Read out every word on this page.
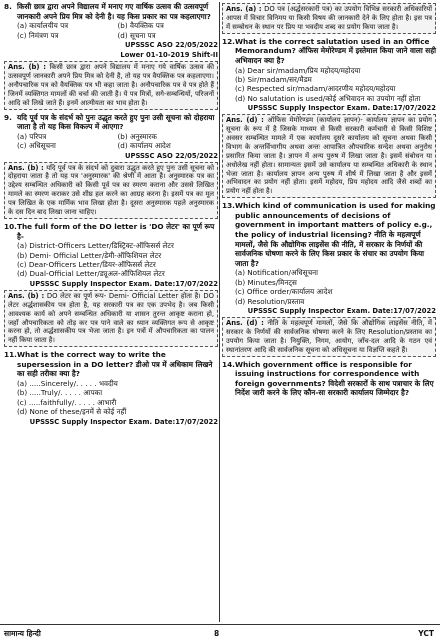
8. किसी छात्र द्वारा अपने विद्यालय में मनाए गए वार्षिक उत्सव की उत्सवपूर्ण जानकारी अपने प्रिय मित्र को देनी है। यह किस प्रकार का पत्र कहलाएगा?
(a) कार्यालयीय पत्र	(b) वैयक्तिक पत्र
(c) निमंत्रण पत्र	(d) सूचना पत्र
UPSSSC ASO 22/05/2022
Lower 01-10-2019 Shift-II
Ans. (b) : किसी छात्र द्वारा अपने विद्यालय में मनाए गये वार्षिक उत्सव की उत्सवपूर्ण जानकारी अपने प्रिय मित्र को देनी है, तो यह पत्र वैयक्तिक पत्र कहलाएगा। अनौपचारिक पत्र को वैयक्तिक पत्र भी कहा जाता है। अनौपचारिक पत्र वे पत्र होते हैं जिनमें व्यक्तिगत मामलों की चर्चा की जाती है। ये पत्र मित्रों, सगे-सम्बन्धियों, परिजनों आदि को लिखे जाते हैं। इनमें आत्मीयता का भाव होता है।
9. यदि पूर्व पत्र के संदर्भ को पुनः उद्धृत करते हुए पुनः उसी सूचना को दोहराया जाता है तो यह किस विकल्प में आएगा?
(a) परिपत्र	(b) अनुस्मारक
(c) अधिसूचना	(d) कार्यालय आदेश
UPSSSC ASO 22/05/2022
Ans. (b) : यदि पूर्व पत्र के संदर्भ को दुबारा उद्धृत करते हुए पुनः उसी सूचना को दोहराया जाता है तो यह पत्र 'अनुस्मारक' की श्रेणी में आता है। अनुस्मारक पत्र का उद्देश्य सम्बन्धित अधिकारी को किसी पूर्व पत्र का स्मरण कराना और उससे लिखित मामले का स्मरण कराकर उसे शीघ्र हल करने का आग्रह करना है। इसमें पत्र का मूल पत्र लिखित के एक मार्मिक भाव लिखा होता है। दूसरा अनुस्मारक पहले अनुस्मारक के दस दिन बाद लिखा जाना चाहिए।
10. The full form of the DO letter is 'DO लेटर' का पूर्ण रूप है-
(a) District-Officers Letter/डिस्ट्रिक्ट-ऑफिसर्स लेटर
(b) Demi- Official Letter/डेमी-ऑफिशियल लेटर
(c) Dear-Officers Letter/डियर-ऑफिसर्स लेटर
(d) Dual-Official Letter/ड्यूअल-ऑफिशियल लेटर
UPSSSC Supply Inspector Exam. Date:17/07/2022
Ans. (b) : DO लेटर का पूर्ण रूप- Demi- Official Letter होता है। DO लेटर अर्द्धशासकीय पत्र होता है, यह सरकारी पत्र का एक उपभेद है। जब किसी आवश्यक कार्य को अपने सम्बन्धित अधिकारी या शासन तुरन्त आकृष्ट कराना हो, जहाँ औपचारिकता को तोड़ कर पत्र पाने वाले का ध्यान व्यक्तिगत रूप से आकृष्ट करना हो, तो अर्द्धशासकीय पत्र भेजा जाता है। इन पत्रों में औपचारिकता का पालन नहीं किया जाता है।
11. What is the correct way to write the supersession in a DO letter? डीओ पत्र में अधिकाम लिखने का सही तरीका क्या है?
(a) .....Sincerely/. . . . . भवदीय
(b) .....Truly/. . . . . आपका
(c) .....faithfully/. . . . . आभारी
(d) None of these/इनमें से कोई नहीं
UPSSSC Supply Inspector Exam. Date:17/07/2022
Ans. (a) : DO पत्र (अर्द्धसरकारी पत्र) का उपयोग विभिन्न सरकारी अधिकारियों आपस में विचार विनिमय या किसी विषय की जानकारी देने के लिए होता है। इस पत्र में सम्बोधन के स्थान पर प्रिय या भवदीय शब्द का प्रयोग किया जाता है।
12. What is the correct salutation used in an Office Memorandum? ऑफिस मेमोरेण्डम में इस्तेमाल किया जाने वाला सही अभिवादन क्या है?
(a) Dear sir/madam/प्रिय महोदय/महोदया
(b) Sir/madam/सर/मैडम
(c) Respected sir/madam/आदरणीय महोदय/महोदया
(d) No salutation is used/कोई अभिवादन का उपयोग नहीं होता
UPSSSC Supply Inspector Exam. Date:17/07/2022
Ans. (d) : ऑफिस मेमोरेण्डम (कार्यालय ज्ञापन)- कार्यालय ज्ञापन का प्रयोग सूचना के रूप में है जिसके माध्यम से किसी सरकारी कर्मचारी से किसी विशिष्ट अवसर सम्बन्धित मामले में एक कार्यालय दूसरे कार्यालय को सूचना अथवा किसी विभाग के अन्तर्विभागीय अथवा अन्तः आपात्रित औपचारिक सन्देश अथवा अनुरोध प्रसारित किया जाता है। ज्ञापन में अन्य पुरुष में लिखा जाता है। इसमें संबोधन या अधोलेख नहीं होता। सामान्यतः इसमें उसे कार्यालय या सम्बन्धित अधिकारी के स्थान भेजा जाता है। कार्यालय ज्ञापन अन्य पुरुष में शीर्ष में लिखा जाता है और इसमें अभिवादन का प्रयोग नहीं होता। इसमें महोदय, प्रिय महोदय आदि जैसे शब्दों का प्रयोग नहीं होता है।
13. Which kind of communication is used for making public announcements of decisions of government in important matters of policy e.g., the policy of industrial licensing? नीति के महत्वपूर्ण मामलों, जैसे कि औद्योगिक लाइसेंस की नीति, में सरकार के निर्णयों की सार्वजनिक घोषणा करने के लिए किस प्रकार के संचार का उपयोग किया जाता है?
(a) Notification/अधिसूचना
(b) Minutes/मिनट्स
(c) Office order/कार्यालय आदेश
(d) Resolution/प्रस्ताव
UPSSSC Supply Inspector Exam. Date:17/07/2022
Ans. (d) : नीति के महत्वपूर्ण मामलों, जैसे कि औद्योगिक लाइसेंस नीति, में सरकार के निर्णयों की सार्वजनिक घोषणा करने के लिए Resolution/प्रस्ताव का उपयोग किया जाता है। नियुक्ति, निगम, आयोग, जाँच-दल आदि के गठन एवं स्थानांतरण आदि की सार्वजनिक सूचना को अधिसूचना या विज्ञप्ति कहते हैं।
14. Which government office is responsible for issuing instructions for correspondence with foreign governments? विदेशी सरकारों के साथ पत्राचार के लिए निर्देश जारी करने के लिए कौन-सा सरकारी कार्यालय जिम्मेदार है?
सामान्य हिन्दी	8	YCT
